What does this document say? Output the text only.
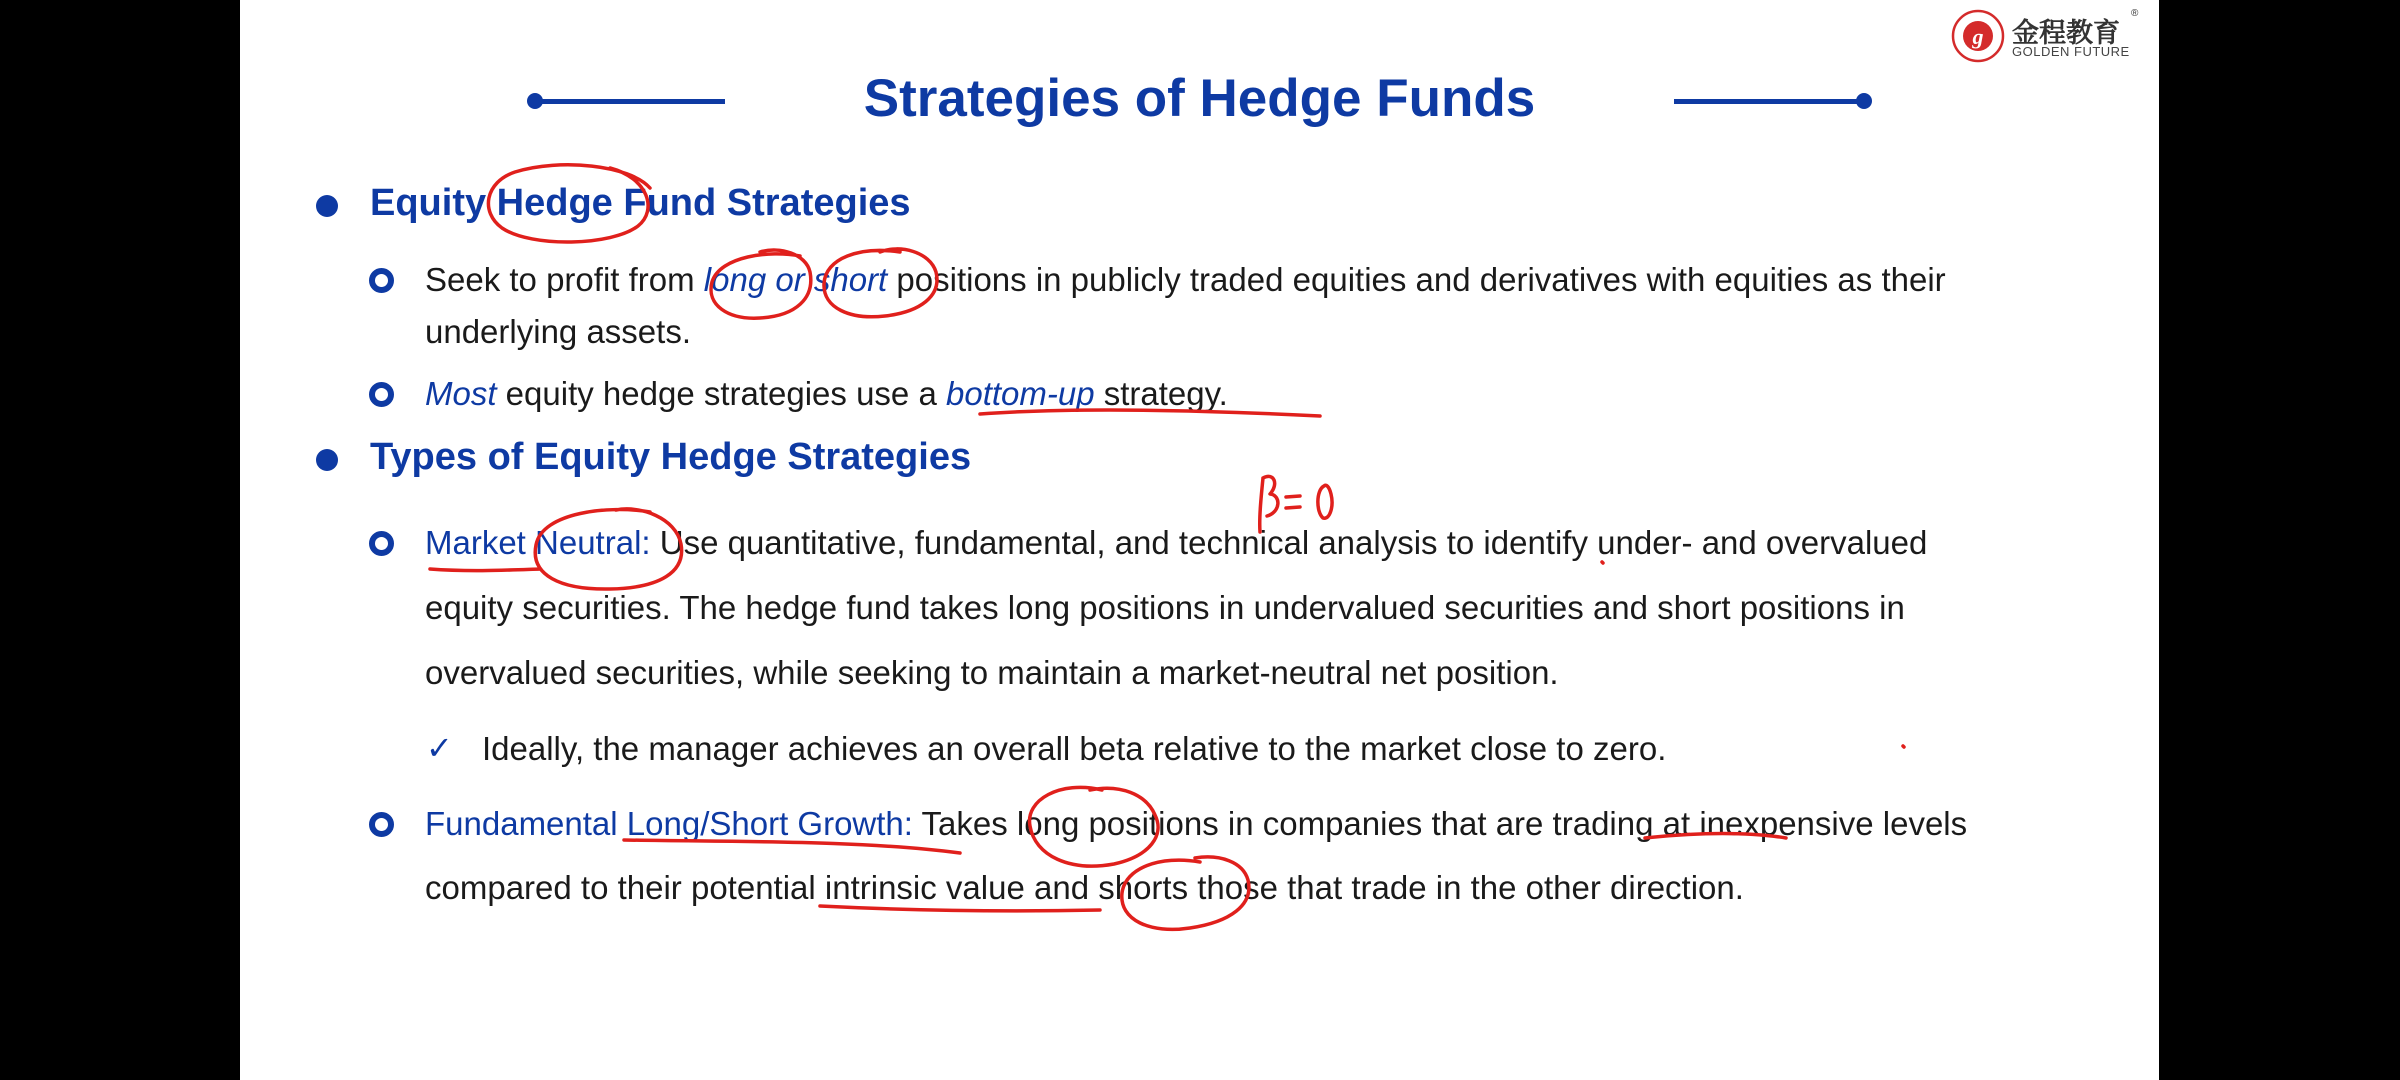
g 金程教育
®
GOLDEN FUTURE
Strategies of Hedge Funds
Equity Hedge Fund Strategies
Seek to profit from long or short positions in publicly traded equities and derivatives with equities as their
underlying assets.
Most equity hedge strategies use a bottom-up strategy.
Types of Equity Hedge Strategies
Market Neutral: Use quantitative, fundamental, and technical analysis to identify under- and overvalued
equity securities. The hedge fund takes long positions in undervalued securities and short positions in
overvalued securities, while seeking to maintain a market-neutral net position.
✓ Ideally, the manager achieves an overall beta relative to the market close to zero.
Fundamental Long/Short Growth: Takes long positions in companies that are trading at inexpensive levels
compared to their potential intrinsic value and shorts those that trade in the other direction.
